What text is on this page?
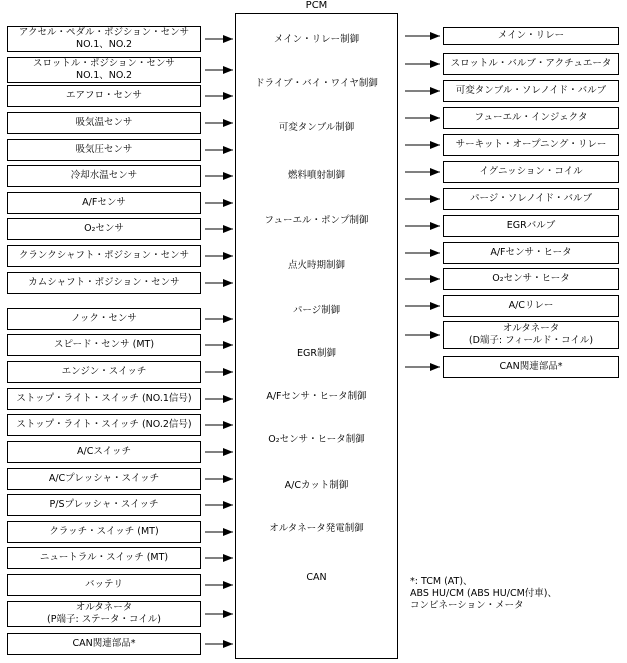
PCM
アクセル・ペダル・ポジション・センサ
NO.1、NO.2
スロットル・ポジション・センサ
NO.1、NO.2
エアフロ・センサ
吸気温センサ
吸気圧センサ
冷却水温センサ
A/Fセンサ
O₂センサ
クランクシャフト・ポジション・センサ
カムシャフト・ポジション・センサ
ノック・センサ
スピード・センサ (MT)
エンジン・スイッチ
ストップ・ライト・スイッチ (NO.1信号)
ストップ・ライト・スイッチ (NO.2信号)
A/Cスイッチ
A/Cプレッシャ・スイッチ
P/Sプレッシャ・スイッチ
クラッチ・スイッチ (MT)
ニュートラル・スイッチ (MT)
バッテリ
オルタネータ
(P端子: ステータ・コイル)
CAN関連部品*
メイン・リレー制御
ドライブ・バイ・ワイヤ制御
可変タンブル制御
燃料噴射制御
フューエル・ポンプ制御
点火時期制御
パージ制御
EGR制御
A/Fセンサ・ヒータ制御
O₂センサ・ヒータ制御
A/Cカット制御
オルタネータ発電制御
CAN
メイン・リレー
スロットル・バルブ・アクチュエータ
可変タンブル・ソレノイド・バルブ
フューエル・インジェクタ
サーキット・オープニング・リレー
イグニッション・コイル
パージ・ソレノイド・バルブ
EGRバルブ
A/Fセンサ・ヒータ
O₂センサ・ヒータ
A/Cリレー
オルタネータ
(D端子: フィールド・コイル)
CAN関連部品*
*: TCM (AT)、
ABS HU/CM (ABS HU/CM付車)、
コンビネーション・メータ
